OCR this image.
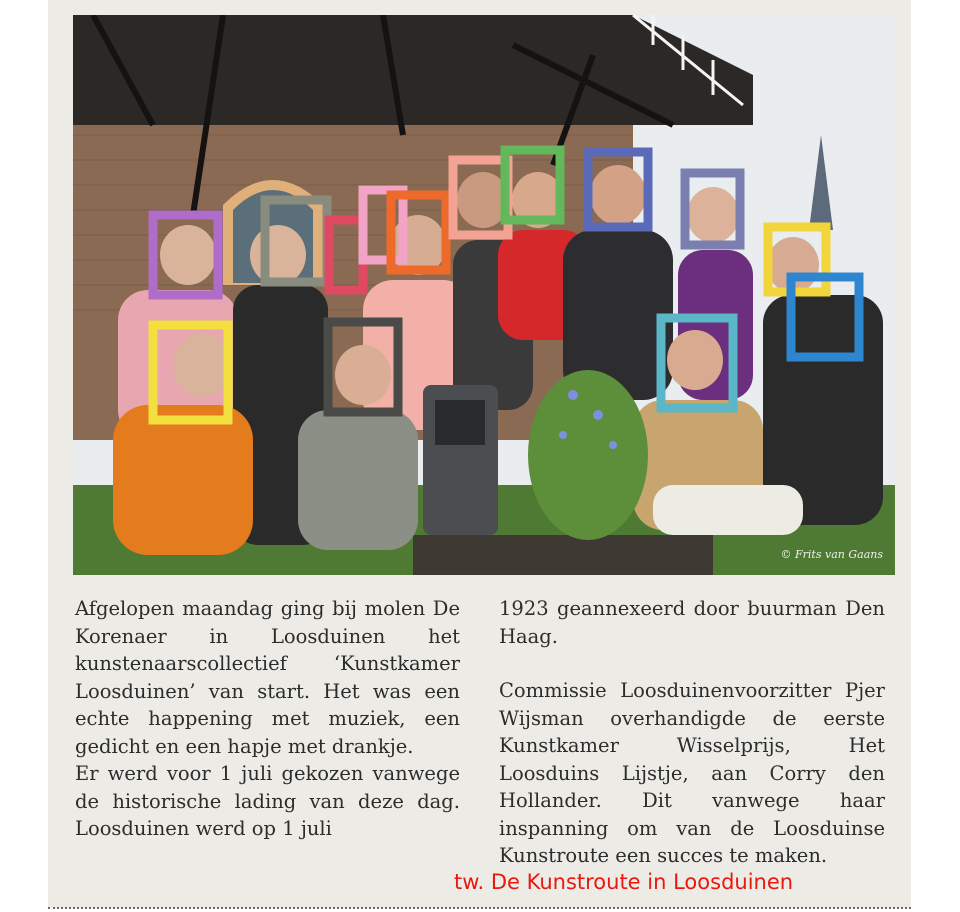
© Frits van Gaans

Afgelopen maandag ging bij molen De Korenaer in Loosduinen het kunstenaarscollectief ‘Kunstkamer Loosduinen’ van start. Het was een echte happening met muziek, een gedicht en een hapje met drankje.

Er werd voor 1 juli gekozen vanwege de historische lading van deze dag. Loosduinen werd op 1 juli

1923 geannexeerd door buurman Den Haag.

Commissie Loosduinenvoorzitter Pjer Wijsman overhandigde de eerste Kunstkamer Wisselprijs, Het Loosduins Lijstje, aan Corry den Hollander. Dit vanwege haar inspanning om van de Loosduinse Kunstroute een succes te maken.

tw. De Kunstroute in Loosduinen
